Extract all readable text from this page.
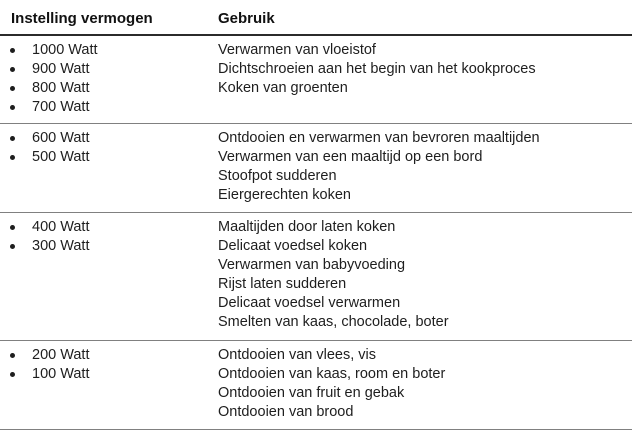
Instelling vermogen	Gebruik
1000 Watt
900 Watt
800 Watt
700 Watt
Verwarmen van vloeistof
Dichtschroeien aan het begin van het kookproces
Koken van groenten
600 Watt
500 Watt
Ontdooien en verwarmen van bevroren maaltijden
Verwarmen van een maaltijd op een bord
Stoofpot sudderen
Eiergerechten koken
400 Watt
300 Watt
Maaltijden door laten koken
Delicaat voedsel koken
Verwarmen van babyvoeding
Rijst laten sudderen
Delicaat voedsel verwarmen
Smelten van kaas, chocolade, boter
200 Watt
100 Watt
Ontdooien van vlees, vis
Ontdooien van kaas, room en boter
Ontdooien van fruit en gebak
Ontdooien van brood
